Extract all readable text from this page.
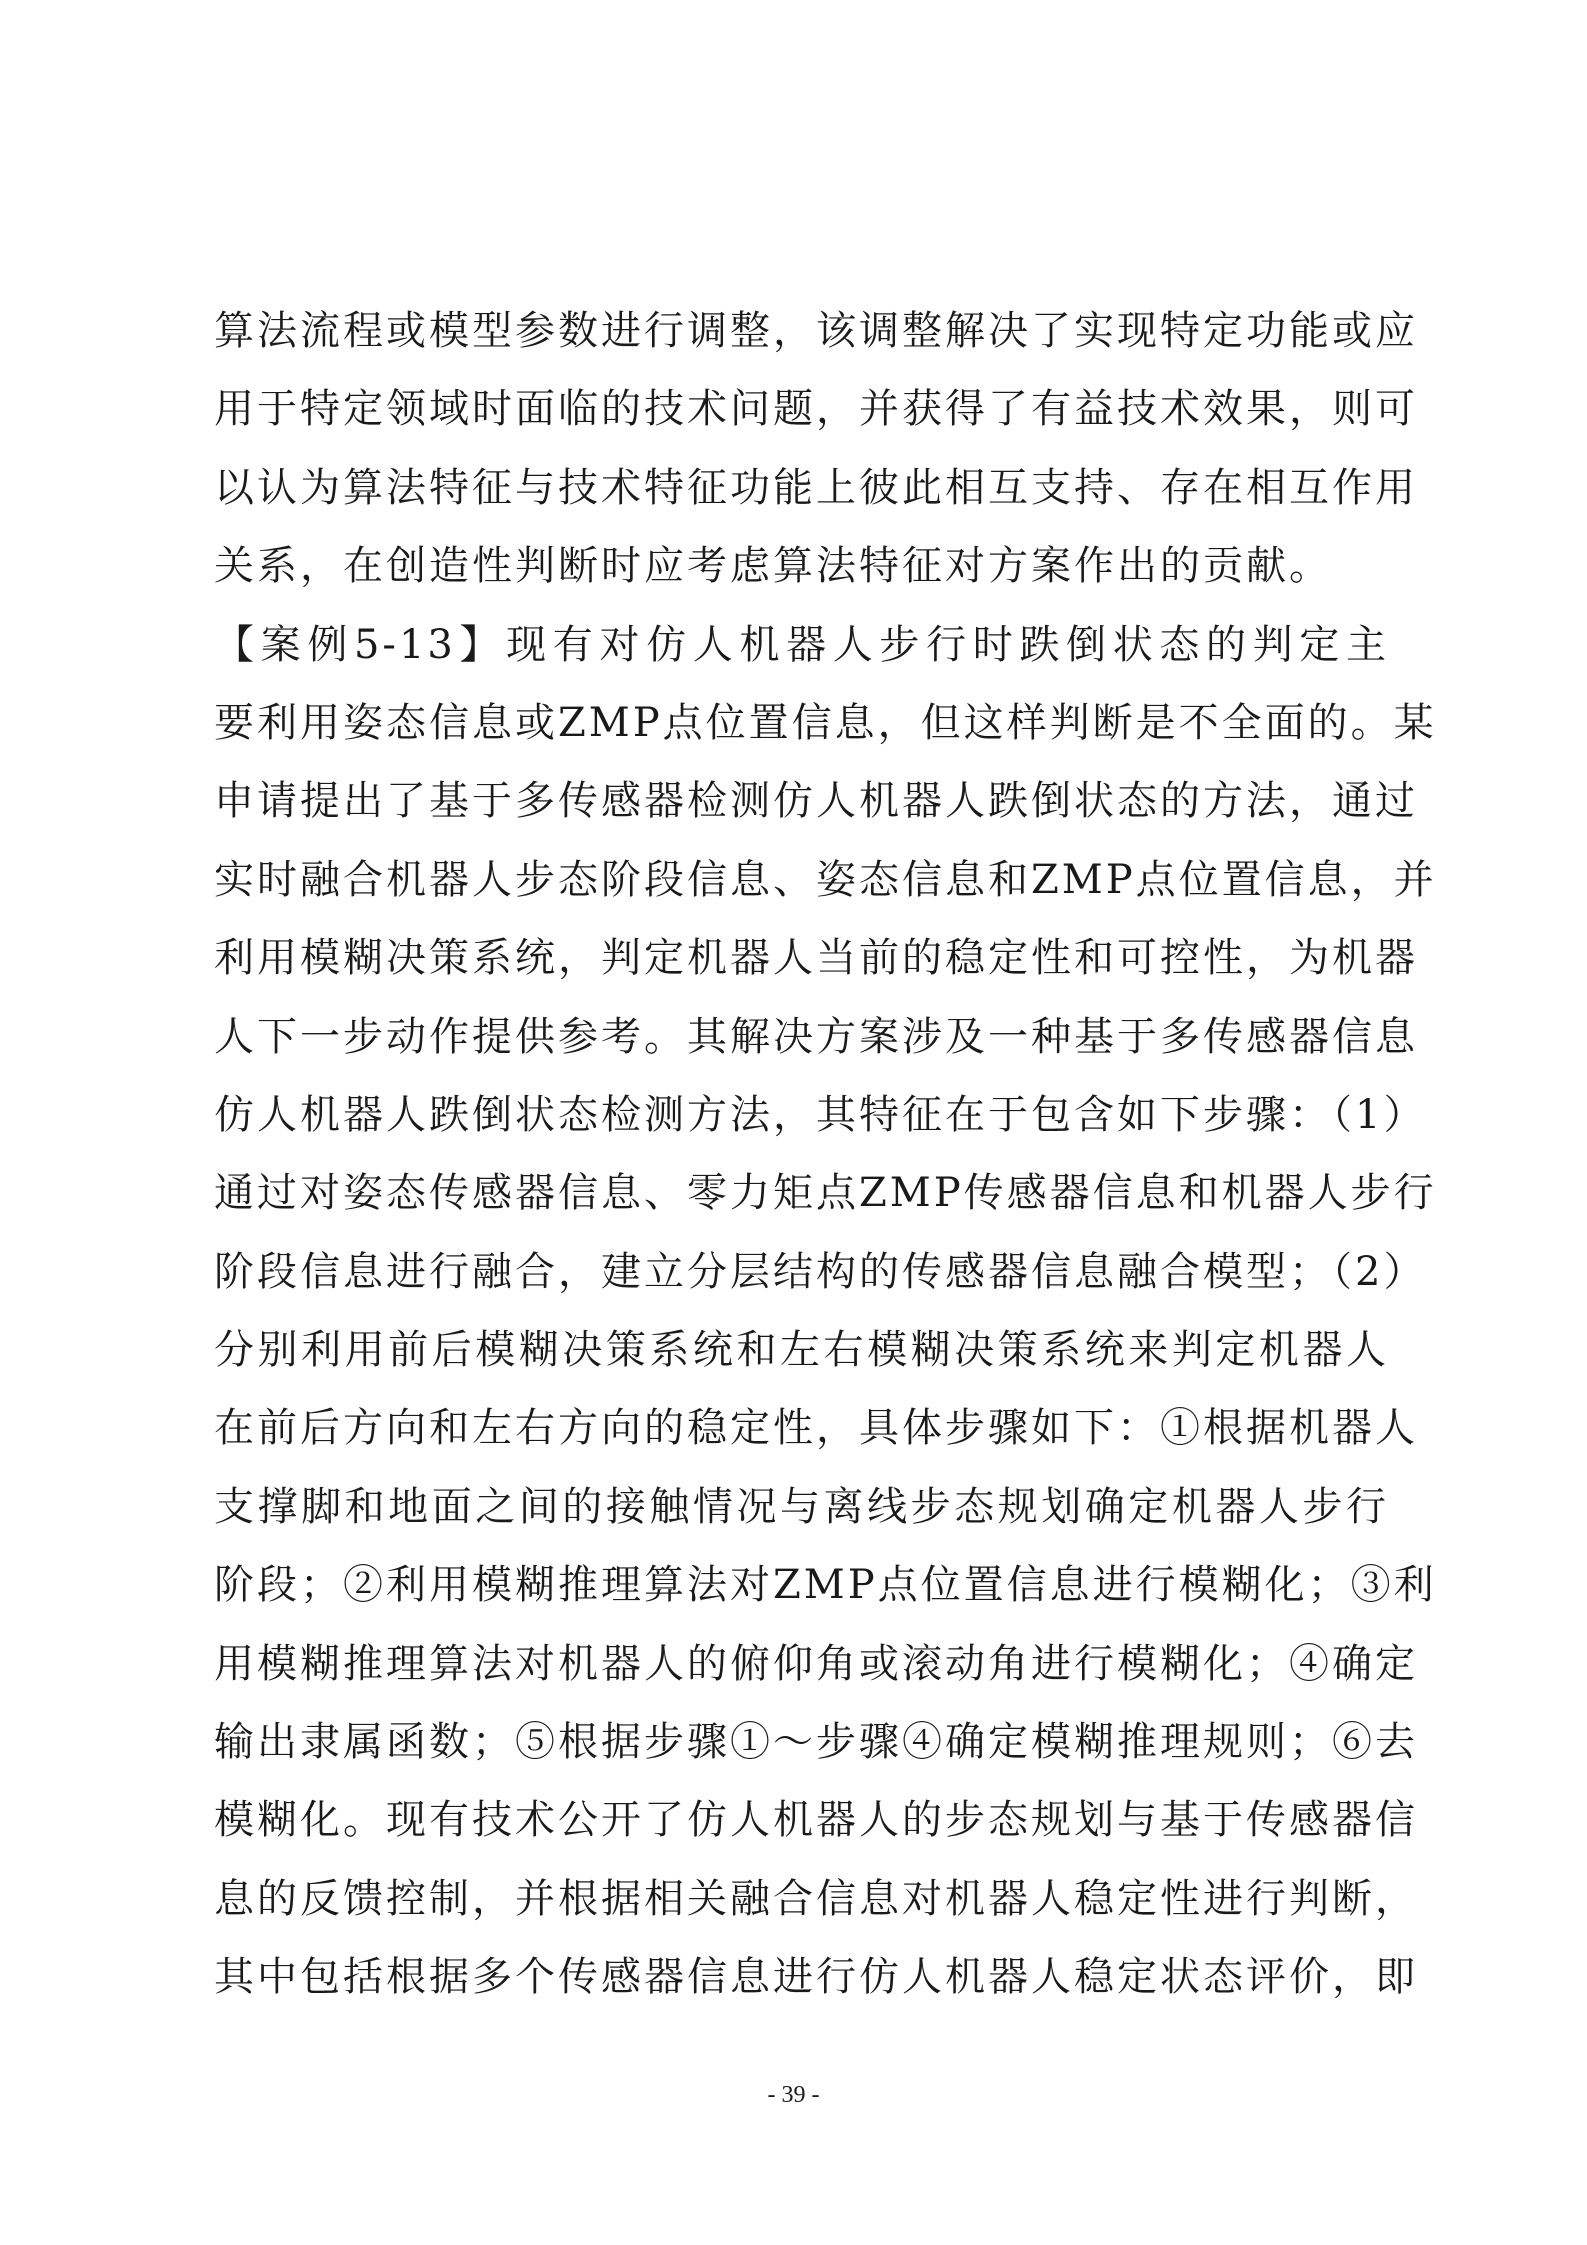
算法流程或模型参数进行调整，该调整解决了实现特定功能或应
用于特定领域时面临的技术问题，并获得了有益技术效果，则可
以认为算法特征与技术特征功能上彼此相互支持、存在相互作用
关系，在创造性判断时应考虑算法特征对方案作出的贡献。
【案例5-13】现有对仿人机器人步行时跌倒状态的判定主
要利用姿态信息或ZMP点位置信息，但这样判断是不全面的。某
申请提出了基于多传感器检测仿人机器人跌倒状态的方法，通过
实时融合机器人步态阶段信息、姿态信息和ZMP点位置信息，并
利用模糊决策系统，判定机器人当前的稳定性和可控性，为机器
人下一步动作提供参考。其解决方案涉及一种基于多传感器信息
仿人机器人跌倒状态检测方法，其特征在于包含如下步骤：（1）
通过对姿态传感器信息、零力矩点ZMP传感器信息和机器人步行
阶段信息进行融合，建立分层结构的传感器信息融合模型；（2）
分别利用前后模糊决策系统和左右模糊决策系统来判定机器人
在前后方向和左右方向的稳定性，具体步骤如下：①根据机器人
支撑脚和地面之间的接触情况与离线步态规划确定机器人步行
阶段；②利用模糊推理算法对ZMP点位置信息进行模糊化；③利
用模糊推理算法对机器人的俯仰角或滚动角进行模糊化；④确定
输出隶属函数；⑤根据步骤①～步骤④确定模糊推理规则；⑥去
模糊化。现有技术公开了仿人机器人的步态规划与基于传感器信
息的反馈控制，并根据相关融合信息对机器人稳定性进行判断，
其中包括根据多个传感器信息进行仿人机器人稳定状态评价，即
- 39 -
